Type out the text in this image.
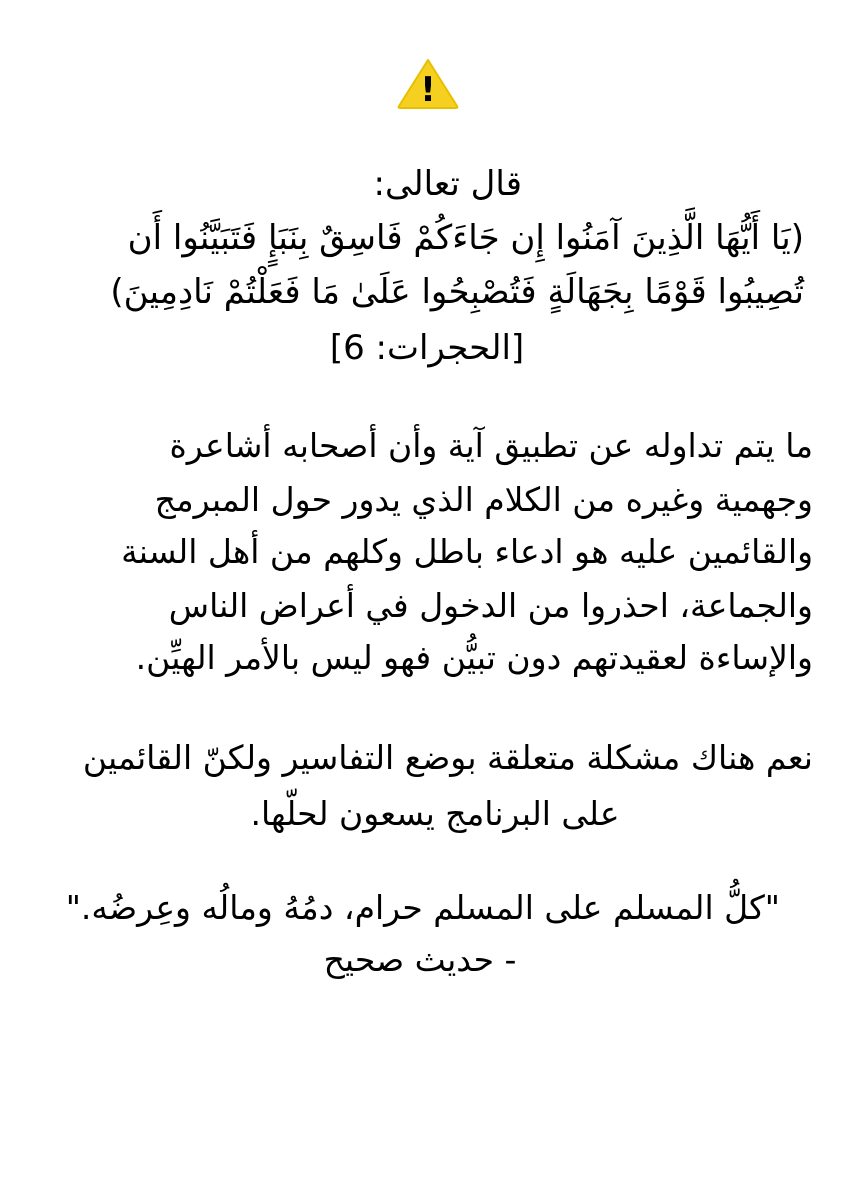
!
قال تعالى:
(يَا أَيُّهَا الَّذِينَ آمَنُوا إِن جَاءَكُمْ فَاسِقٌ بِنَبَإٍ فَتَبَيَّنُوا أَن
تُصِيبُوا قَوْمًا بِجَهَالَةٍ فَتُصْبِحُوا عَلَىٰ مَا فَعَلْتُمْ نَادِمِينَ)
[الحجرات: 6]
ما يتم تداوله عن تطبيق آية وأن أصحابه أشاعرة
وجهمية وغيره من الكلام الذي يدور حول المبرمج
والقائمين عليه هو ادعاء باطل وكلهم من أهل السنة
والجماعة، احذروا من الدخول في أعراض الناس
والإساءة لعقيدتهم دون تبيُّن فهو ليس بالأمر الهيِّن.
نعم هناك مشكلة متعلقة بوضع التفاسير ولكنّ القائمين
على البرنامج يسعون لحلّها.
"كلُّ المسلم على المسلم حرام، دمُهُ ومالُه وعِرضُه."
- حديث صحيح
